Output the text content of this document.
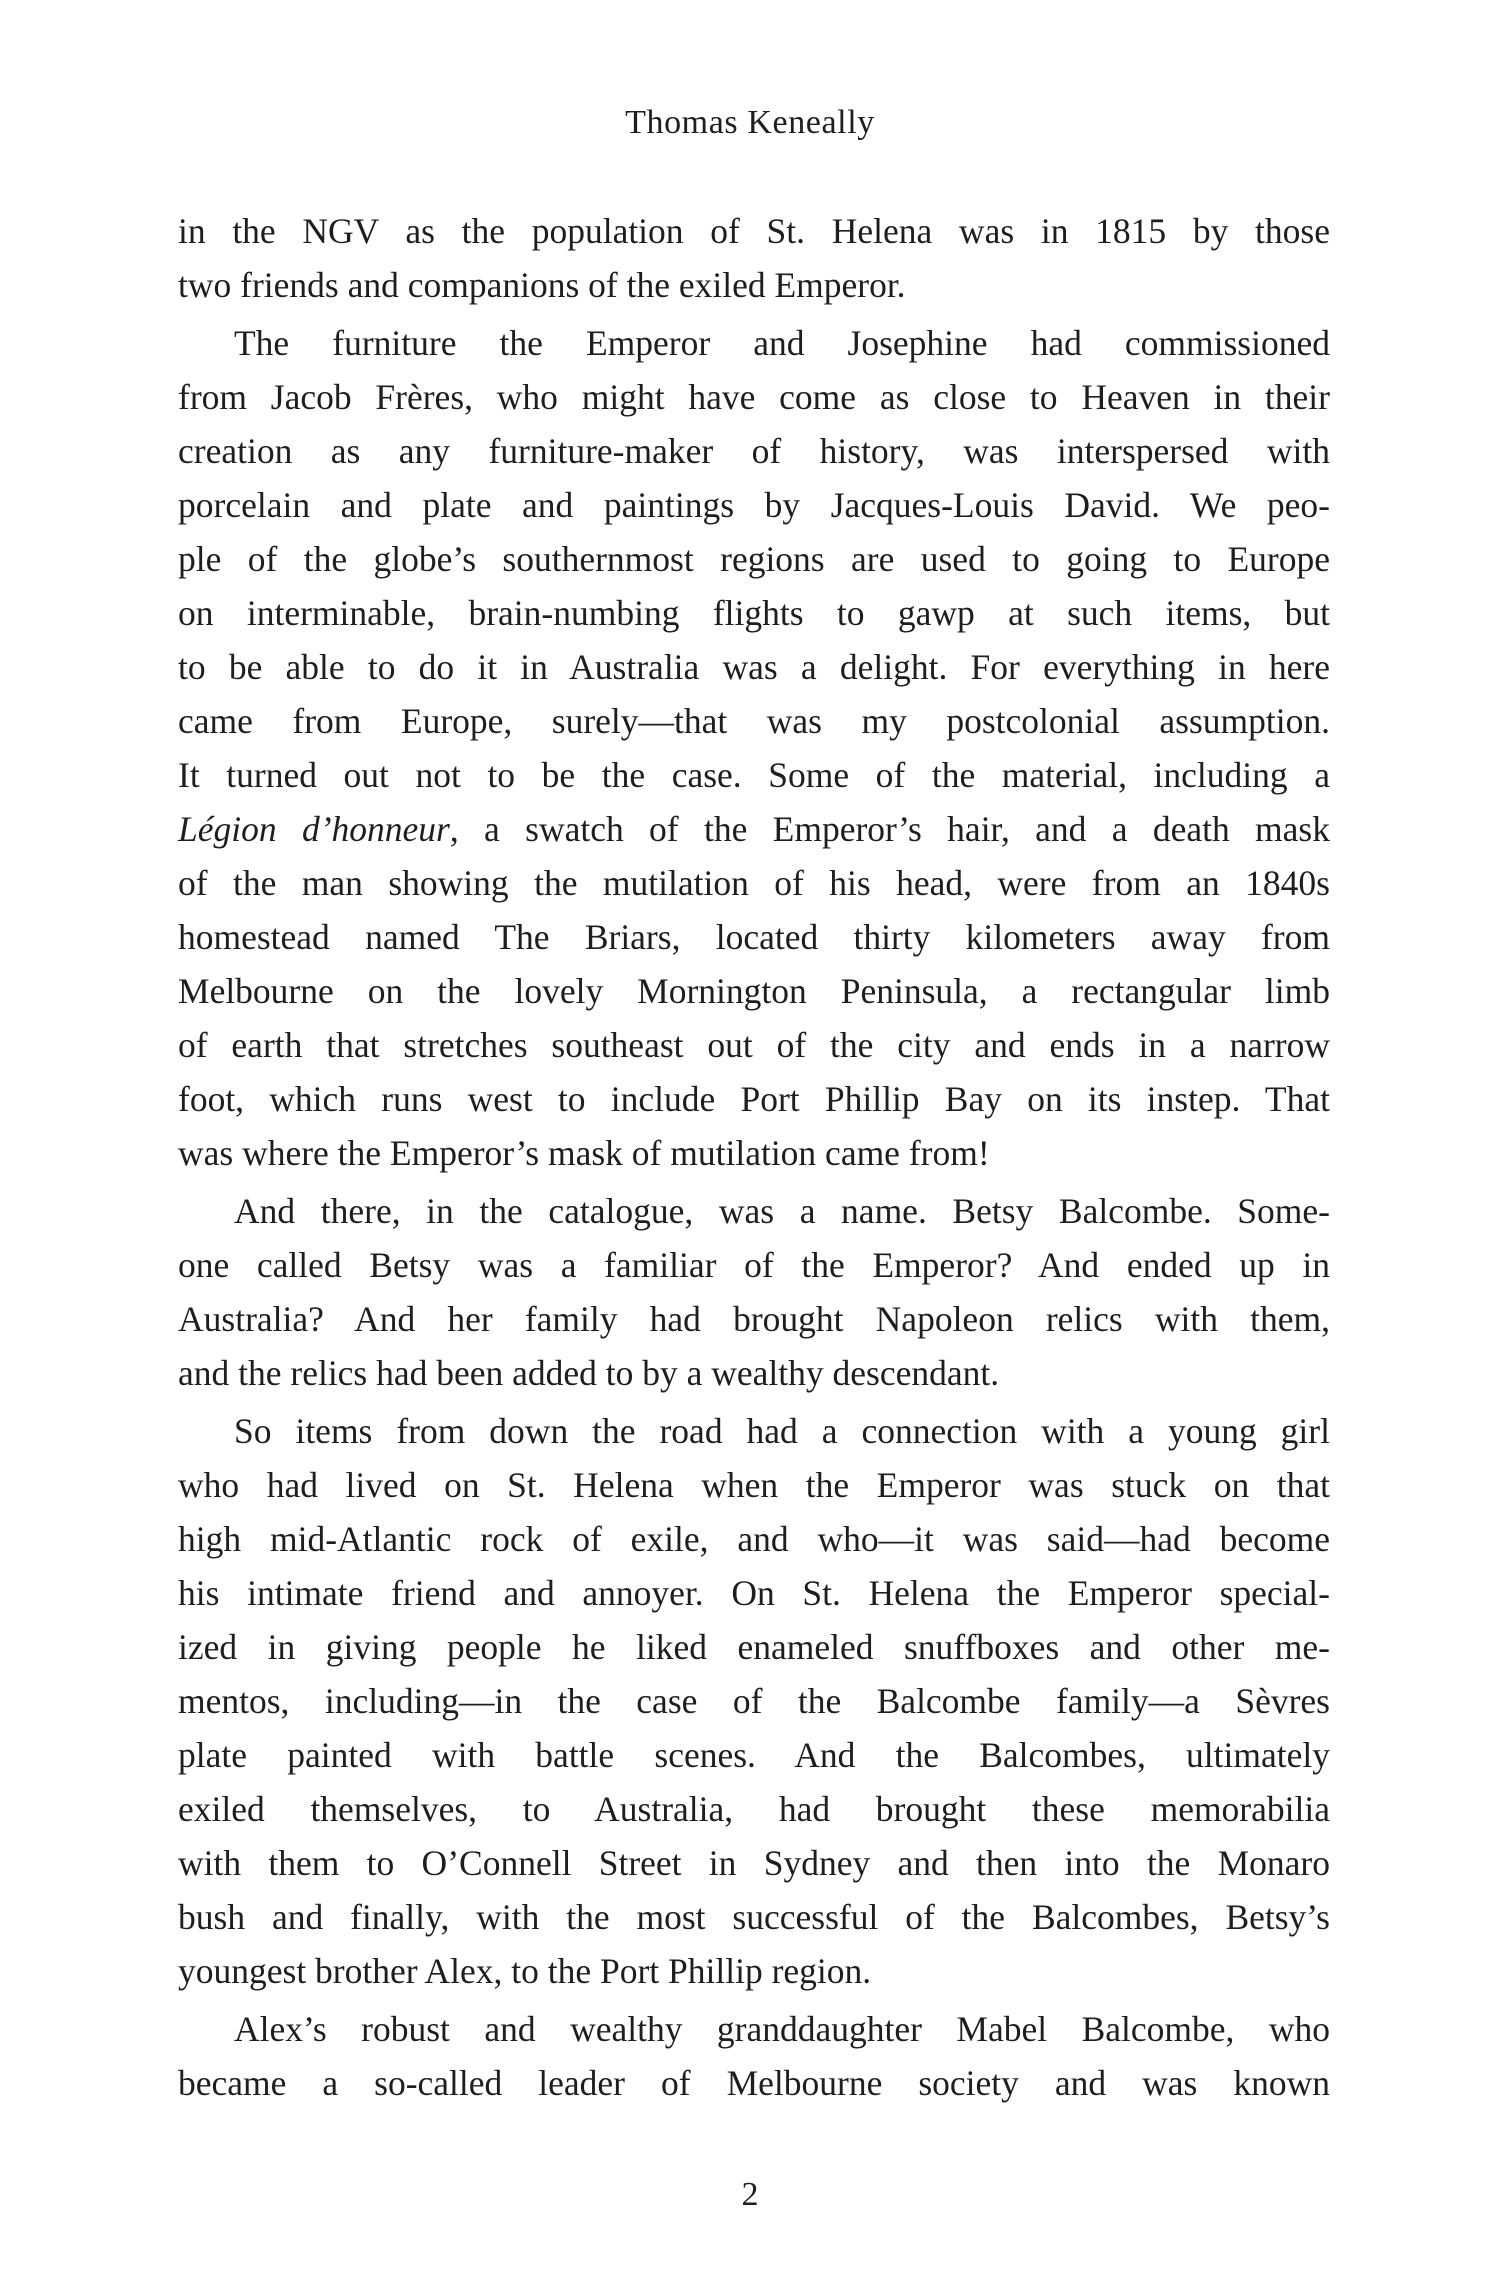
Thomas Keneally
in the NGV as the population of St. Helena was in 1815 by those
two friends and companions of the exiled Emperor.
The furniture the Emperor and Josephine had commissioned
from Jacob Frères, who might have come as close to Heaven in their
creation as any furniture-maker of history, was interspersed with
porcelain and plate and paintings by Jacques-Louis David. We peo-
ple of the globe’s southernmost regions are used to going to Europe
on interminable, brain-numbing flights to gawp at such items, but
to be able to do it in Australia was a delight. For everything in here
came from Europe, surely—that was my postcolonial assumption.
It turned out not to be the case. Some of the material, including a
Légion d’honneur, a swatch of the Emperor’s hair, and a death mask
of the man showing the mutilation of his head, were from an 1840s
homestead named The Briars, located thirty kilometers away from
Melbourne on the lovely Mornington Peninsula, a rectangular limb
of earth that stretches southeast out of the city and ends in a narrow
foot, which runs west to include Port Phillip Bay on its instep. That
was where the Emperor’s mask of mutilation came from!
And there, in the catalogue, was a name. Betsy Balcombe. Some-
one called Betsy was a familiar of the Emperor? And ended up in
Australia? And her family had brought Napoleon relics with them,
and the relics had been added to by a wealthy descendant.
So items from down the road had a connection with a young girl
who had lived on St. Helena when the Emperor was stuck on that
high mid-Atlantic rock of exile, and who—it was said—had become
his intimate friend and annoyer. On St. Helena the Emperor special-
ized in giving people he liked enameled snuffboxes and other me-
mentos, including—in the case of the Balcombe family—a Sèvres
plate painted with battle scenes. And the Balcombes, ultimately
exiled themselves, to Australia, had brought these memorabilia
with them to O’Connell Street in Sydney and then into the Monaro
bush and finally, with the most successful of the Balcombes, Betsy’s
youngest brother Alex, to the Port Phillip region.
Alex’s robust and wealthy granddaughter Mabel Balcombe, who
became a so-called leader of Melbourne society and was known
2
